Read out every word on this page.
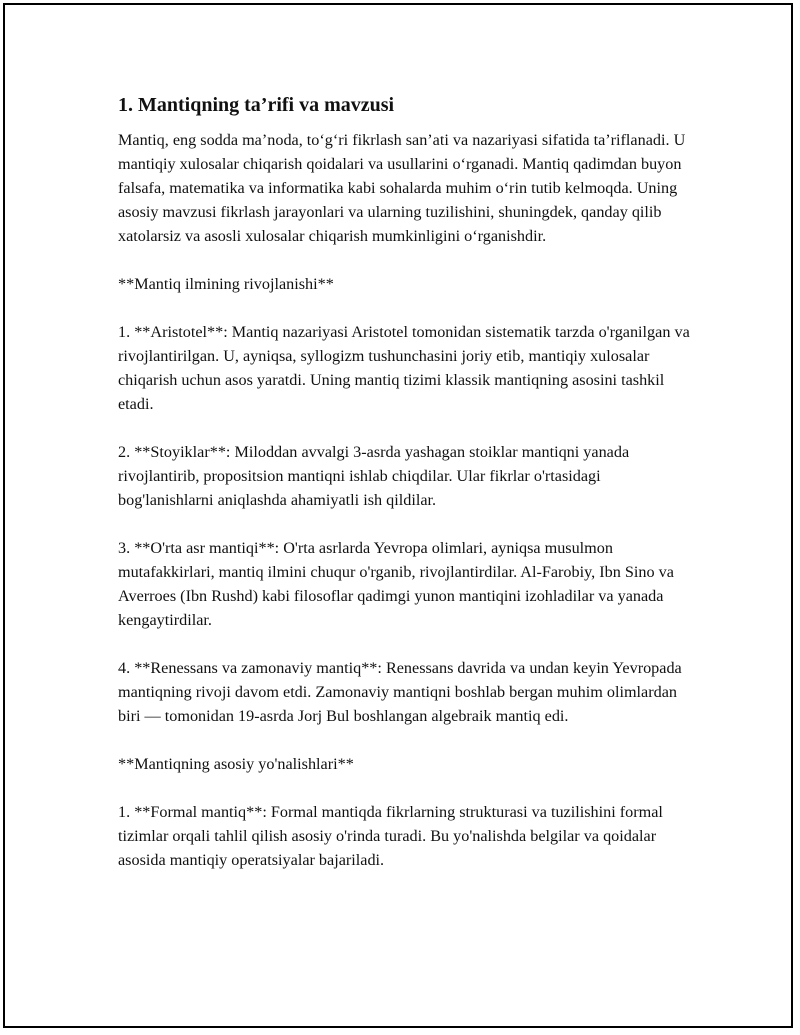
1. Mantiqning ta’rifi va mavzusi

Mantiq, eng sodda ma’noda, to‘g‘ri fikrlash san’ati va nazariyasi sifatida ta’riflanadi. U mantiqiy xulosalar chiqarish qoidalari va usullarini o‘rganadi. Mantiq qadimdan buyon falsafa, matematika va informatika kabi sohalarda muhim o‘rin tutib kelmoqda. Uning asosiy mavzusi fikrlash jarayonlari va ularning tuzilishini, shuningdek, qanday qilib xatolarsiz va asosli xulosalar chiqarish mumkinligini o‘rganishdir.

**Mantiq ilmining rivojlanishi**

1. **Aristotel**: Mantiq nazariyasi Aristotel tomonidan sistematik tarzda o'rganilgan va rivojlantirilgan. U, ayniqsa, syllogizm tushunchasini joriy etib, mantiqiy xulosalar chiqarish uchun asos yaratdi. Uning mantiq tizimi klassik mantiqning asosini tashkil etadi.

2. **Stoyiklar**: Miloddan avvalgi 3-asrda yashagan stoiklar mantiqni yanada rivojlantirib, propositsion mantiqni ishlab chiqdilar. Ular fikrlar o'rtasidagi bog'lanishlarni aniqlashda ahamiyatli ish qildilar.

3. **O'rta asr mantiqi**: O'rta asrlarda Yevropa olimlari, ayniqsa musulmon mutafakkirlari, mantiq ilmini chuqur o'rganib, rivojlantirdilar. Al-Farobiy, Ibn Sino va Averroes (Ibn Rushd) kabi filosoflar qadimgi yunon mantiqini izohladilar va yanada kengaytirdilar.

4. **Renessans va zamonaviy mantiq**: Renessans davrida va undan keyin Yevropada mantiqning rivoji davom etdi. Zamonaviy mantiqni boshlab bergan muhim olimlardan biri — tomonidan 19-asrda Jorj Bul boshlangan algebraik mantiq edi.

**Mantiqning asosiy yo'nalishlari**

1. **Formal mantiq**: Formal mantiqda fikrlarning strukturasi va tuzilishini formal tizimlar orqali tahlil qilish asosiy o'rinda turadi. Bu yo'nalishda belgilar va qoidalar asosida mantiqiy operatsiyalar bajariladi.
